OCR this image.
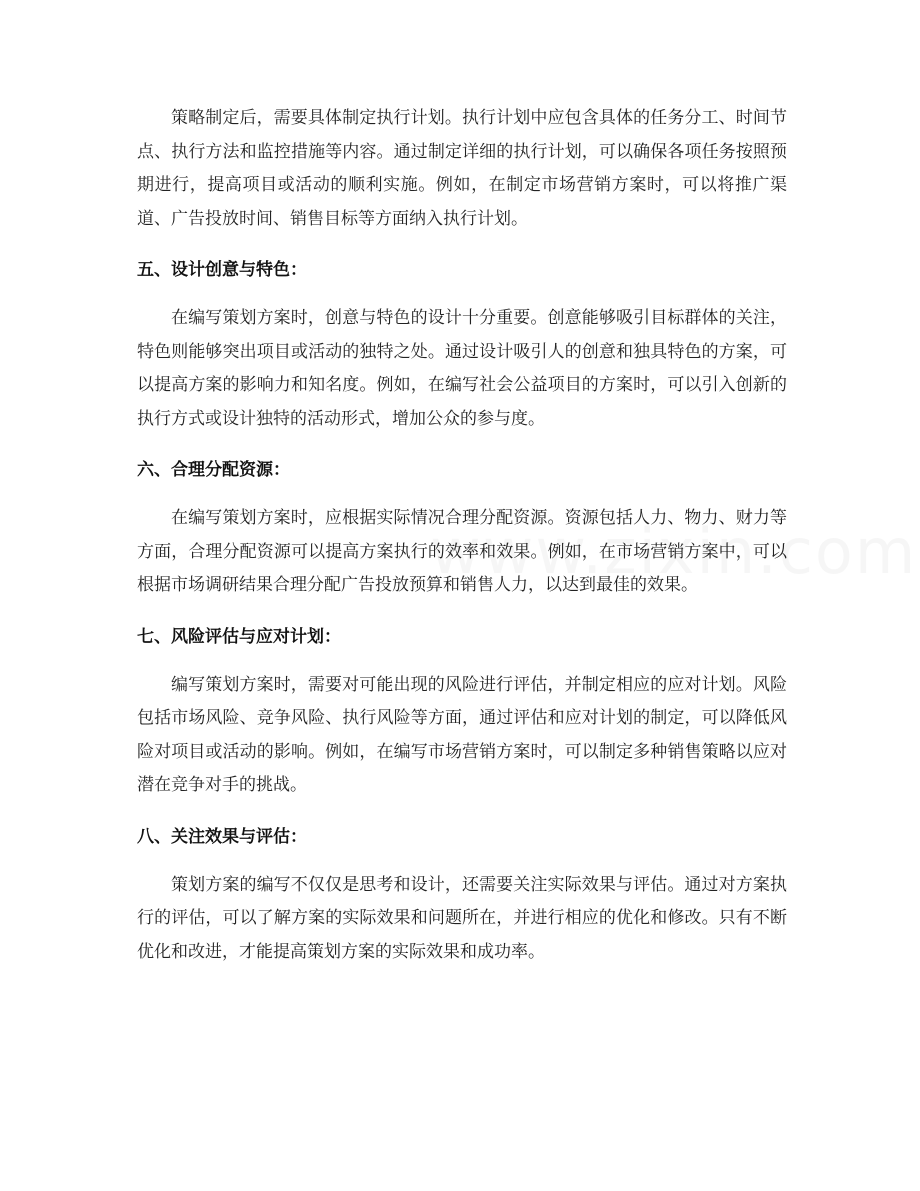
策略制定后，需要具体制定执行计划。执行计划中应包含具体的任务分工、时间节点、执行方法和监控措施等内容。通过制定详细的执行计划，可以确保各项任务按照预期进行，提高项目或活动的顺利实施。例如，在制定市场营销方案时，可以将推广渠道、广告投放时间、销售目标等方面纳入执行计划。

五、设计创意与特色：

在编写策划方案时，创意与特色的设计十分重要。创意能够吸引目标群体的关注，特色则能够突出项目或活动的独特之处。通过设计吸引人的创意和独具特色的方案，可以提高方案的影响力和知名度。例如，在编写社会公益项目的方案时，可以引入创新的执行方式或设计独特的活动形式，增加公众的参与度。

六、合理分配资源：

在编写策划方案时，应根据实际情况合理分配资源。资源包括人力、物力、财力等方面，合理分配资源可以提高方案执行的效率和效果。例如，在市场营销方案中，可以根据市场调研结果合理分配广告投放预算和销售人力，以达到最佳的效果。

七、风险评估与应对计划：

编写策划方案时，需要对可能出现的风险进行评估，并制定相应的应对计划。风险包括市场风险、竞争风险、执行风险等方面，通过评估和应对计划的制定，可以降低风险对项目或活动的影响。例如，在编写市场营销方案时，可以制定多种销售策略以应对潜在竞争对手的挑战。

八、关注效果与评估：

策划方案的编写不仅仅是思考和设计，还需要关注实际效果与评估。通过对方案执行的评估，可以了解方案的实际效果和问题所在，并进行相应的优化和修改。只有不断优化和改进，才能提高策划方案的实际效果和成功率。
